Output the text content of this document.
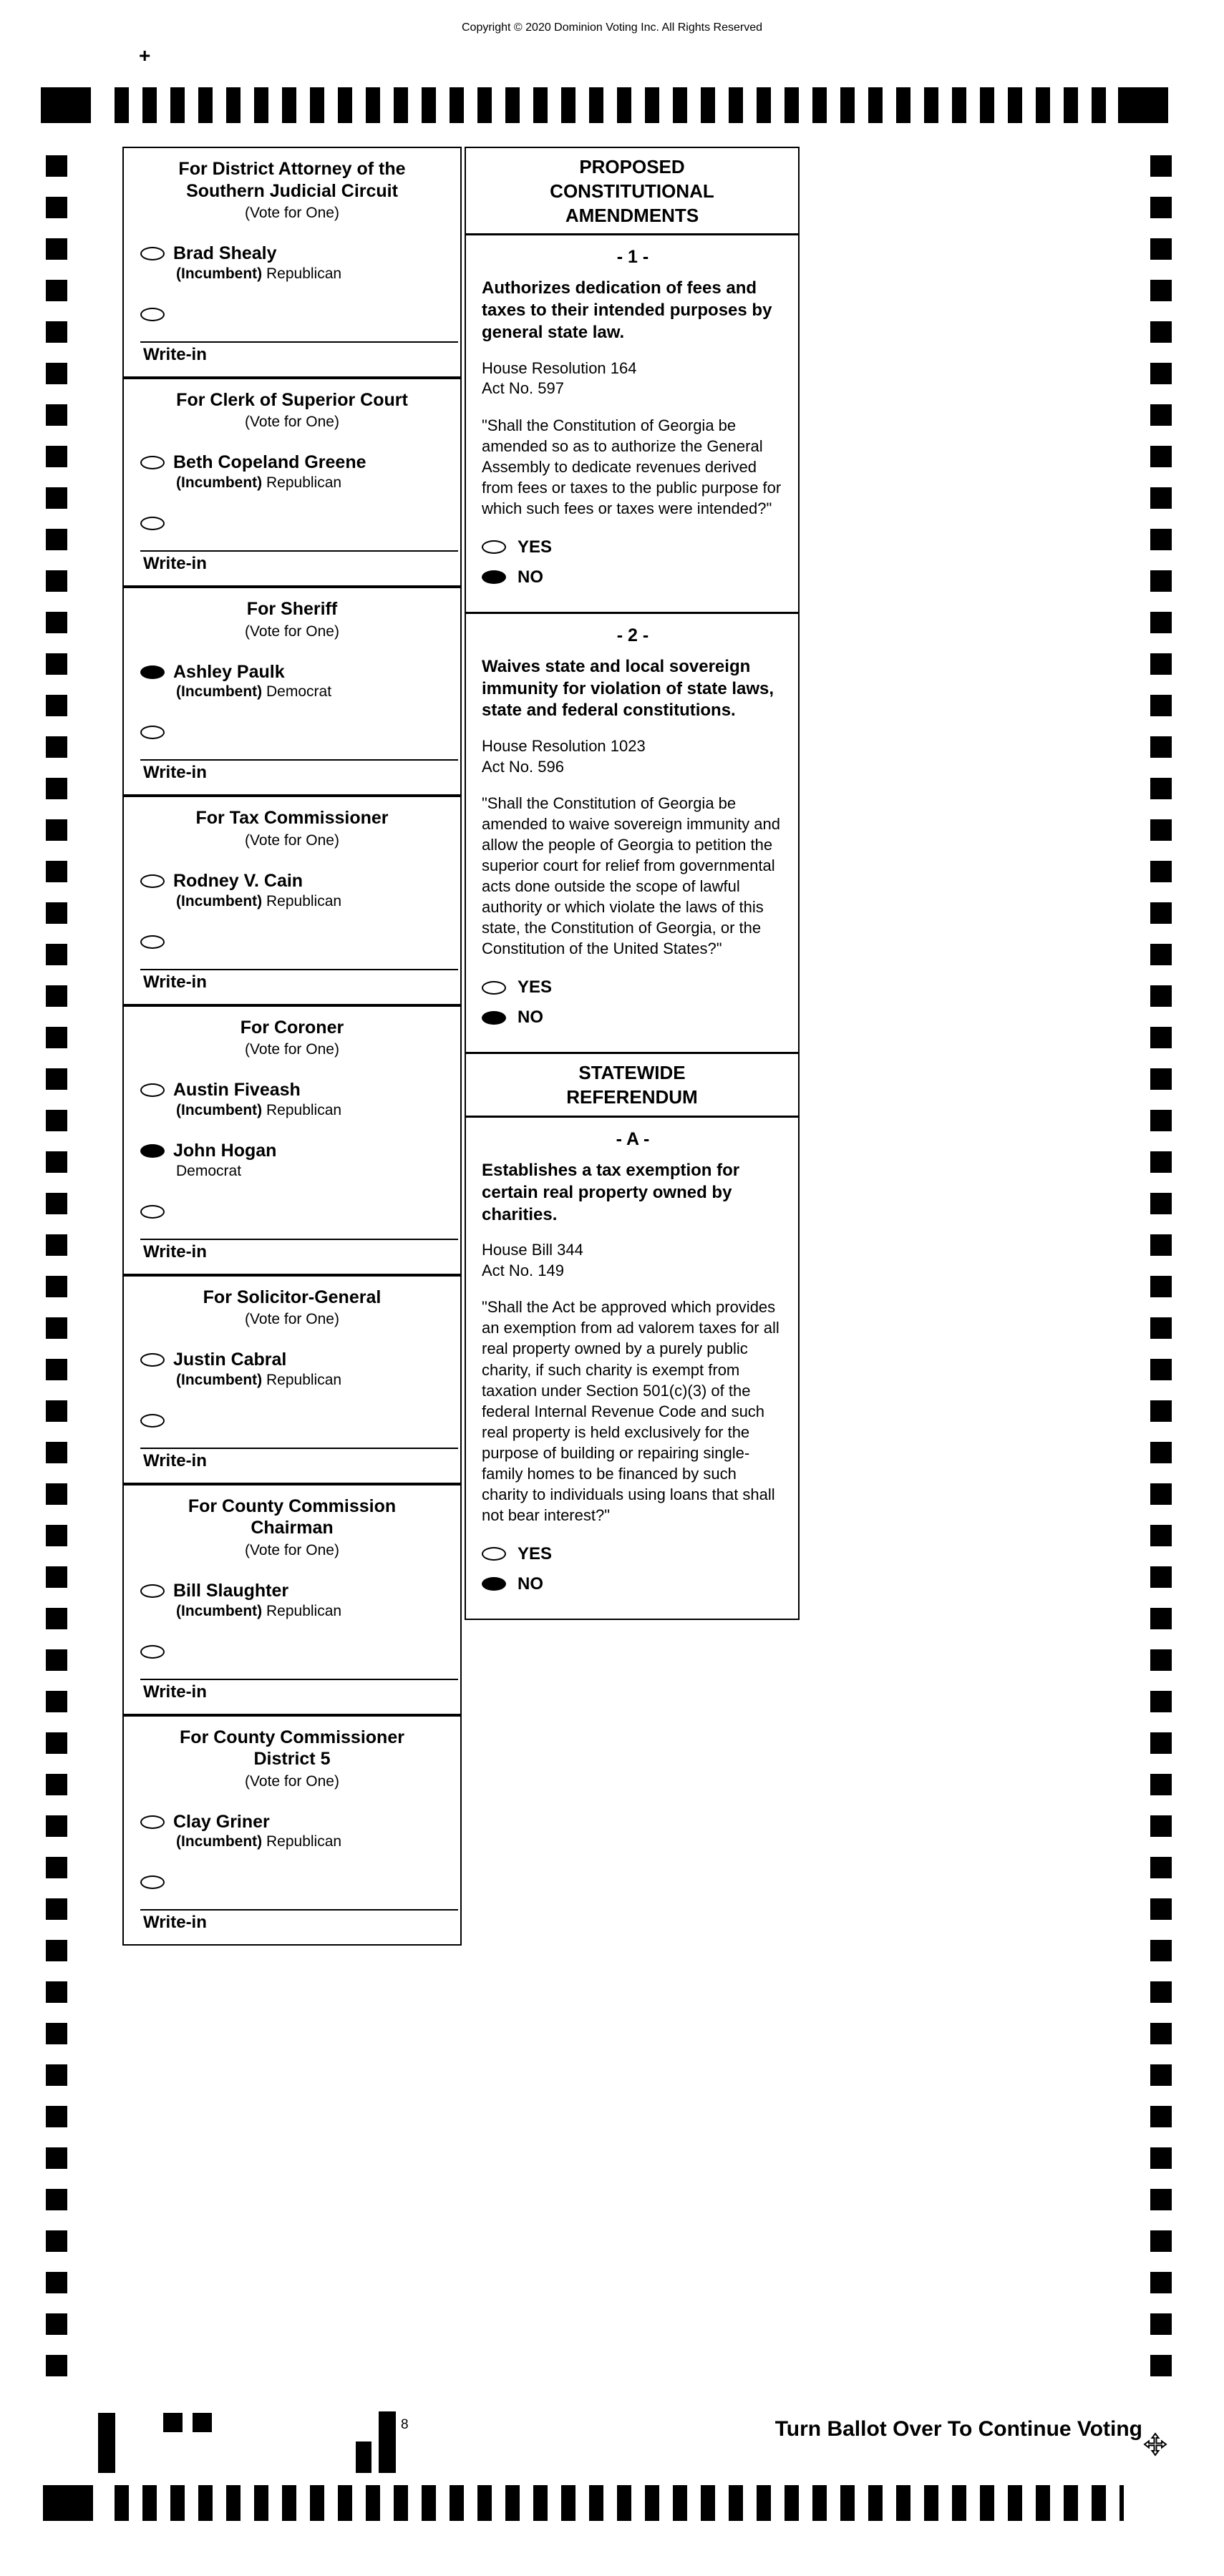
Copyright © 2020 Dominion Voting Inc. All Rights Reserved
+
For District Attorney of the Southern Judicial Circuit
(Vote for One)
Brad Shealy
(Incumbent) Republican
Write-in
For Clerk of Superior Court
(Vote for One)
Beth Copeland Greene
(Incumbent) Republican
Write-in
For Sheriff
(Vote for One)
Ashley Paulk
(Incumbent) Democrat
Write-in
For Tax Commissioner
(Vote for One)
Rodney V. Cain
(Incumbent) Republican
Write-in
For Coroner
(Vote for One)
Austin Fiveash
(Incumbent) Republican
John Hogan
Democrat
Write-in
For Solicitor-General
(Vote for One)
Justin Cabral
(Incumbent) Republican
Write-in
For County Commission Chairman
(Vote for One)
Bill Slaughter
(Incumbent) Republican
Write-in
For County Commissioner District 5
(Vote for One)
Clay Griner
(Incumbent) Republican
Write-in
PROPOSED CONSTITUTIONAL AMENDMENTS
- 1 -

Authorizes dedication of fees and taxes to their intended purposes by general state law.

House Resolution 164
Act No. 597

"Shall the Constitution of Georgia be amended so as to authorize the General Assembly to dedicate revenues derived from fees or taxes to the public purpose for which such fees or taxes were intended?"

YES
NO
- 2 -

Waives state and local sovereign immunity for violation of state laws, state and federal constitutions.

House Resolution 1023
Act No. 596

"Shall the Constitution of Georgia be amended to waive sovereign immunity and allow the people of Georgia to petition the superior court for relief from governmental acts done outside the scope of lawful authority or which violate the laws of this state, the Constitution of Georgia, or the Constitution of the United States?"

YES
NO
STATEWIDE REFERENDUM
- A -

Establishes a tax exemption for certain real property owned by charities.

House Bill 344
Act No. 149

"Shall the Act be approved which provides an exemption from ad valorem taxes for all real property owned by a purely public charity, if such charity is exempt from taxation under Section 501(c)(3) of the federal Internal Revenue Code and such real property is held exclusively for the purpose of building or repairing single-family homes to be financed by such charity to individuals using loans that shall not bear interest?"

YES
NO
8	Turn Ballot Over To Continue Voting
